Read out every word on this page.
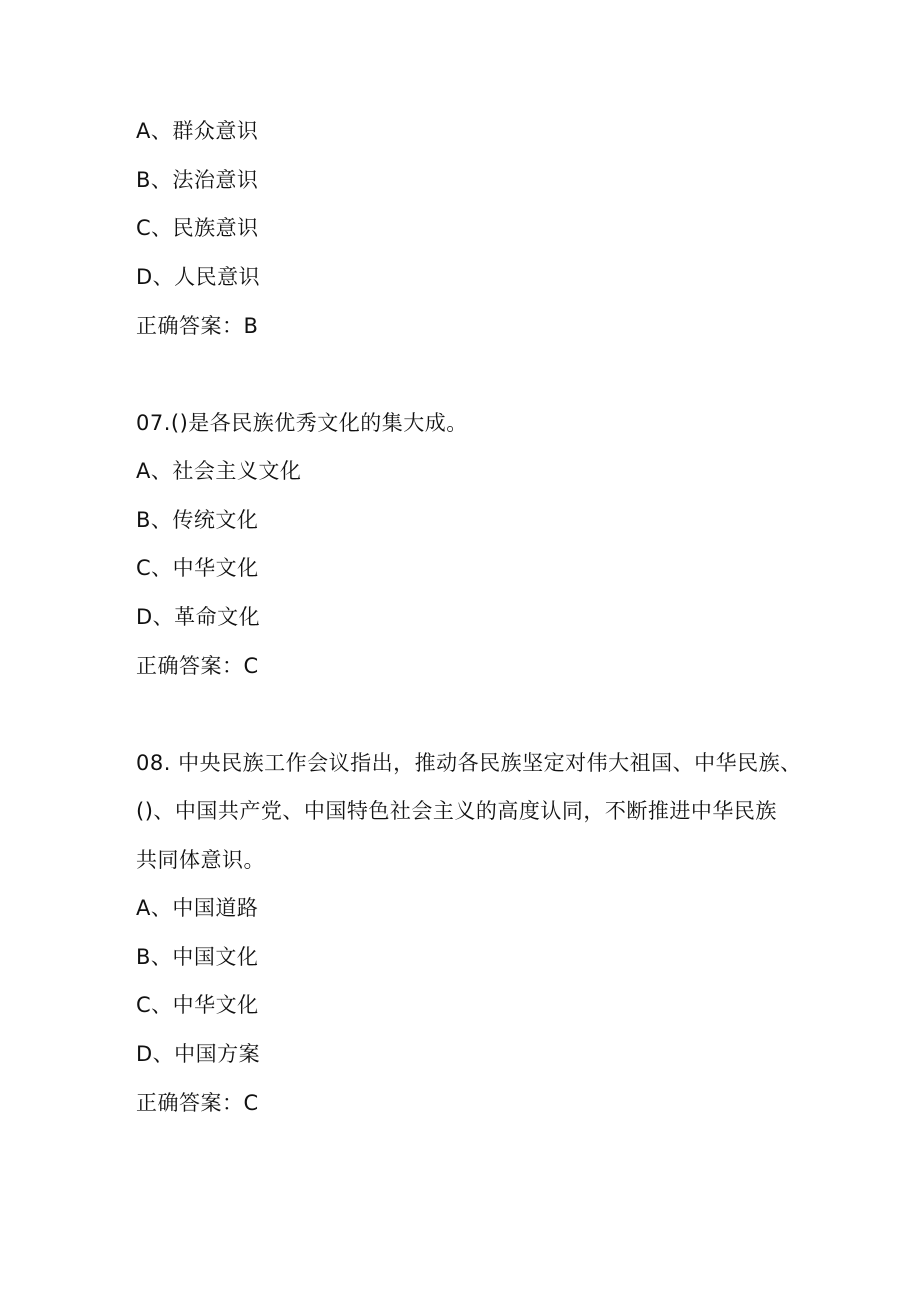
A、群众意识
B、法治意识
C、民族意识
D、人民意识
正确答案：B
07.()是各民族优秀文化的集大成。
A、社会主义文化
B、传统文化
C、中华文化
D、革命文化
正确答案：C
08. 中央民族工作会议指出，推动各民族坚定对伟大祖国、中华民族、
()、中国共产党、中国特色社会主义的高度认同，不断推进中华民族
共同体意识。
A、中国道路
B、中国文化
C、中华文化
D、中国方案
正确答案：C
